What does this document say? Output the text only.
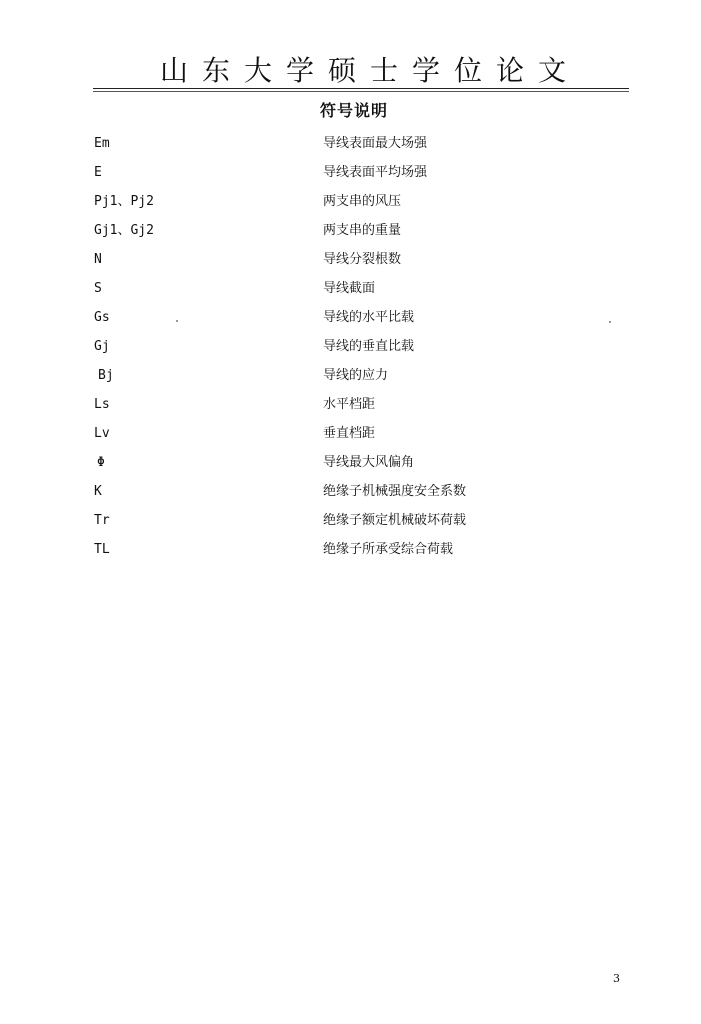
山东大学硕士学位论文
符号说明
Em	导线表面最大场强
E	导线表面平均场强
Pj1、Pj2	两支串的风压
Gj1、Gj2	两支串的重量
N	导线分裂根数
S	导线截面
Gs	导线的水平比载
Gj	导线的垂直比载
Bj	导线的应力
Ls	水平档距
Lv	垂直档距
Φ	导线最大风偏角
K	绝缘子机械强度安全系数
Tr	绝缘子额定机械破坏荷载
TL	绝缘子所承受综合荷载
3
